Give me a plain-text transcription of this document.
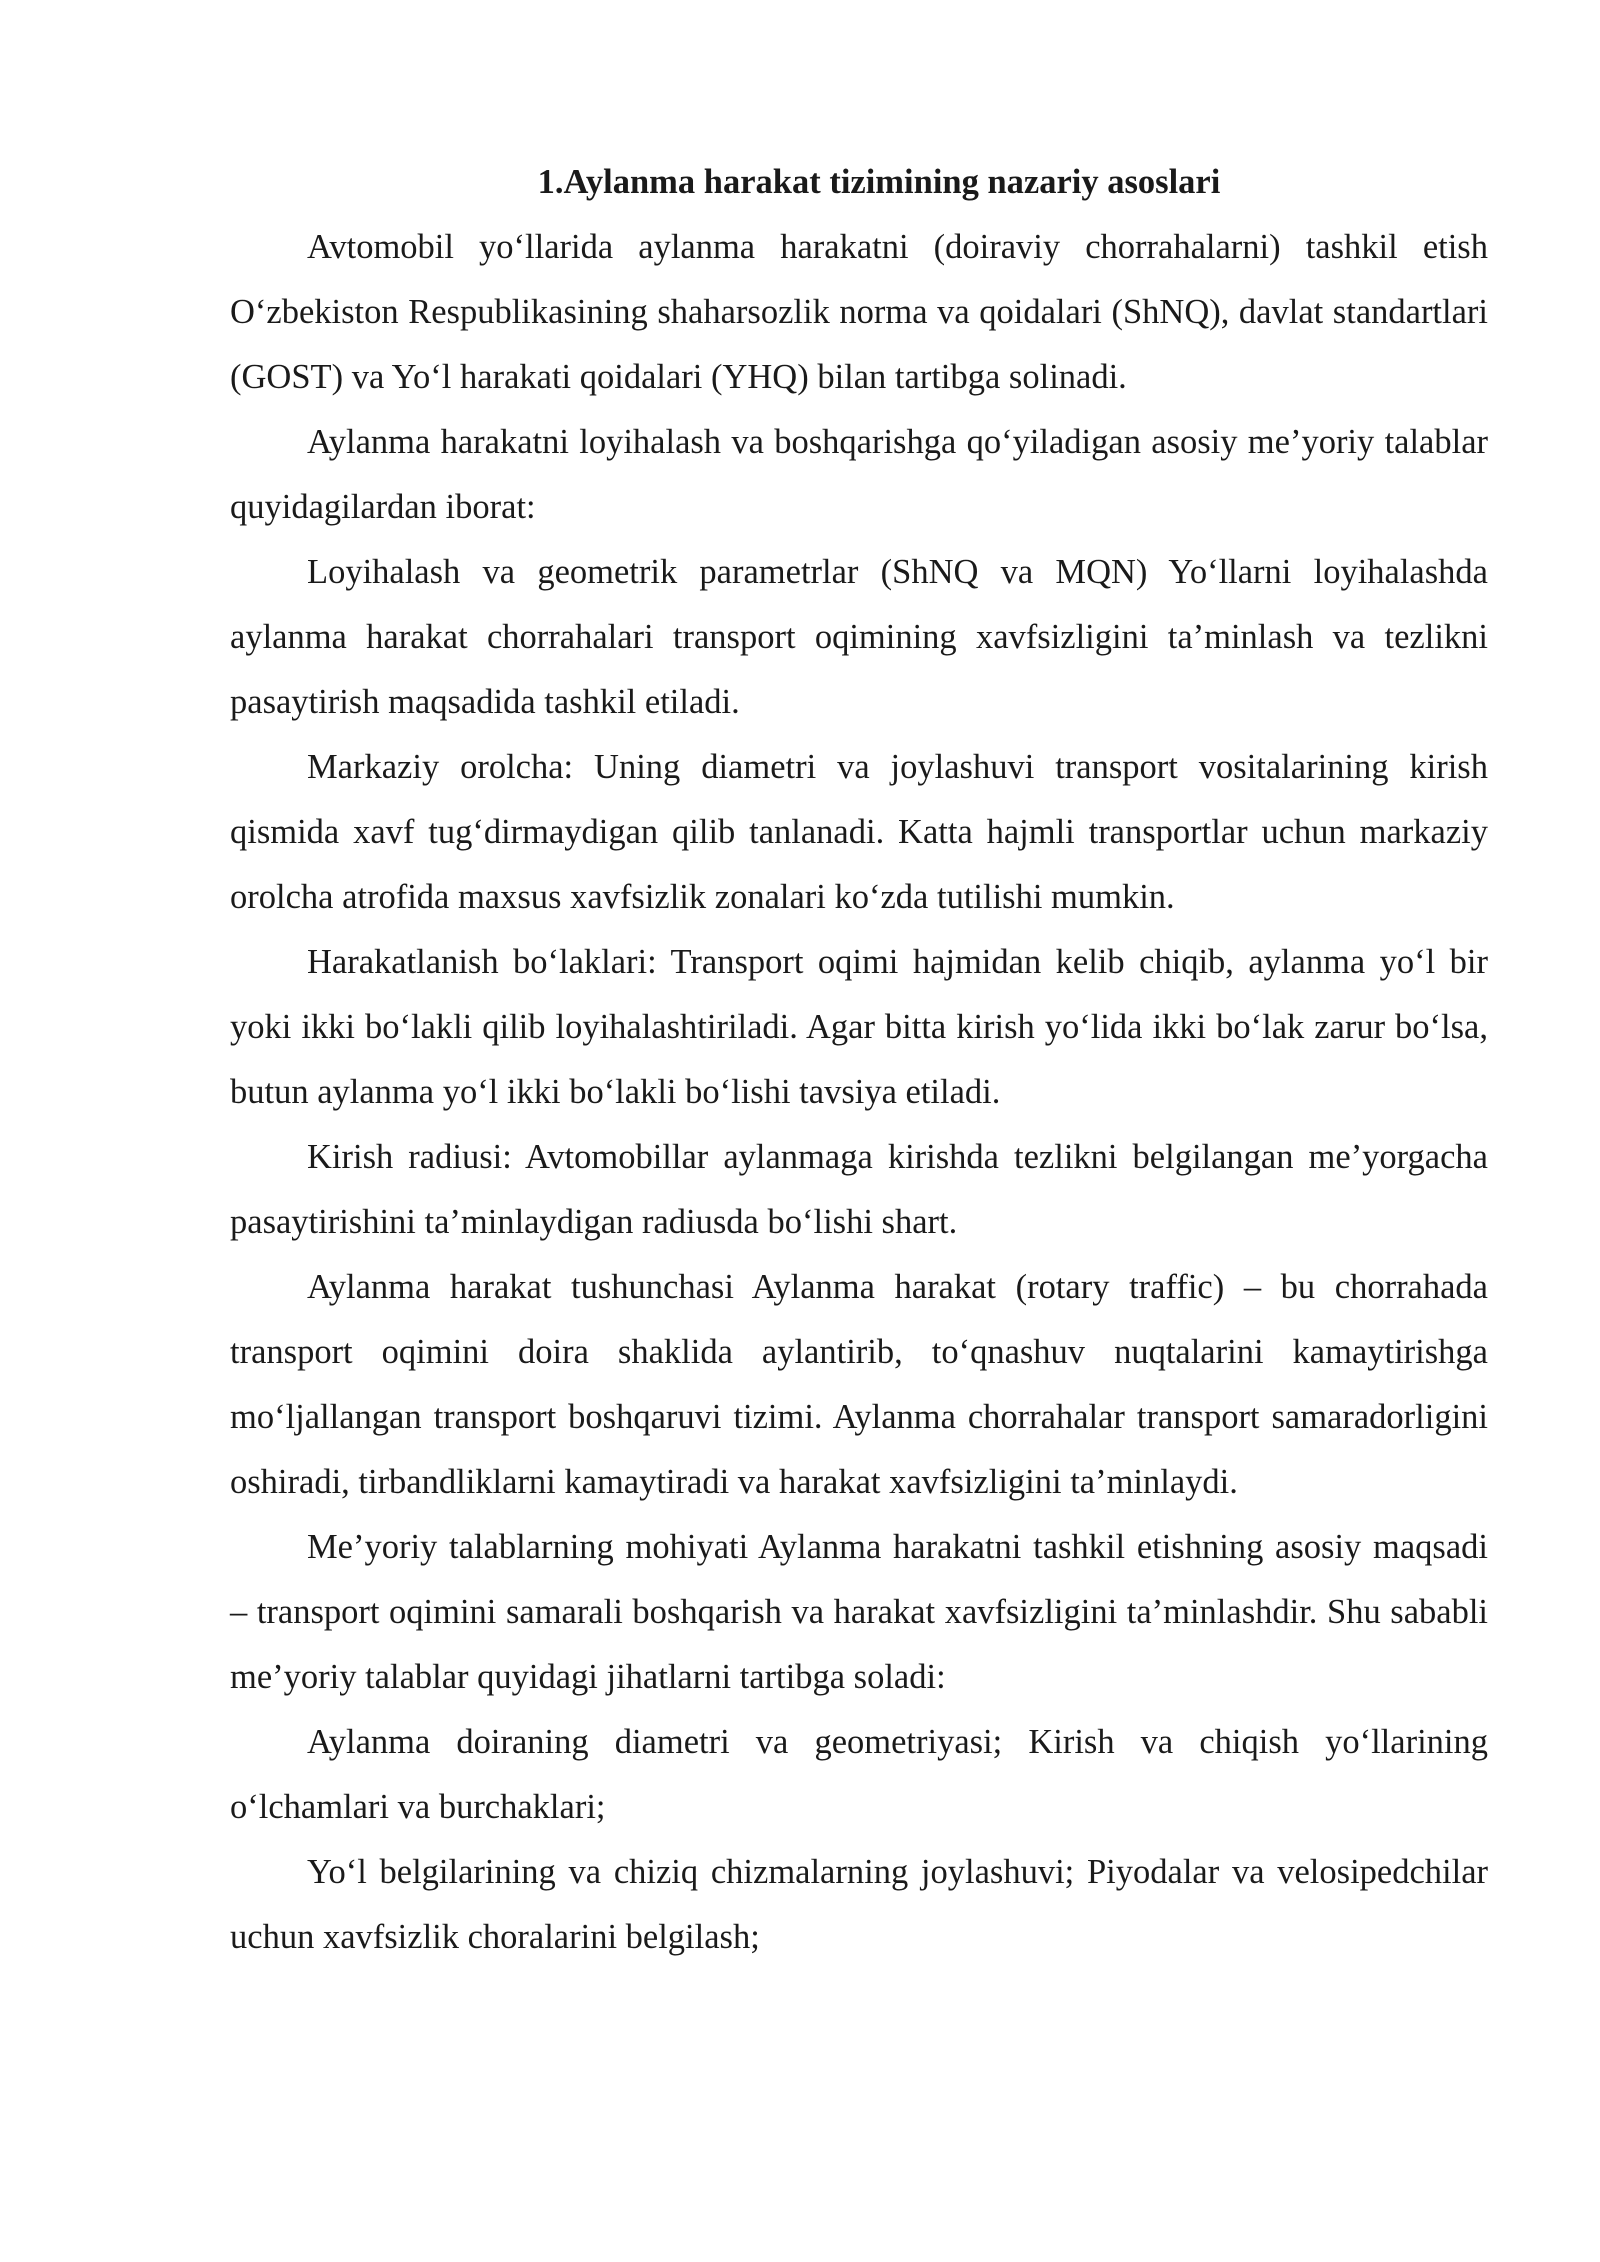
1.Aylanma harakat tizimining nazariy asoslari

Avtomobil yo‘llarida aylanma harakatni (doiraviy chorrahalarni) tashkil etish O‘zbekiston Respublikasining shaharsozlik norma va qoidalari (ShNQ), davlat standartlari (GOST) va Yo‘l harakati qoidalari (YHQ) bilan tartibga solinadi.

Aylanma harakatni loyihalash va boshqarishga qo‘yiladigan asosiy me’yoriy talablar quyidagilardan iborat:

Loyihalash va geometrik parametrlar (ShNQ va MQN) Yo‘llarni loyihalashda aylanma harakat chorrahalari transport oqimining xavfsizligini ta’minlash va tezlikni pasaytirish maqsadida tashkil etiladi.

Markaziy orolcha: Uning diametri va joylashuvi transport vositalarining kirish qismida xavf tug‘dirmaydigan qilib tanlanadi. Katta hajmli transportlar uchun markaziy orolcha atrofida maxsus xavfsizlik zonalari ko‘zda tutilishi mumkin.

Harakatlanish bo‘laklari: Transport oqimi hajmidan kelib chiqib, aylanma yo‘l bir yoki ikki bo‘lakli qilib loyihalashtiriladi. Agar bitta kirish yo‘lida ikki bo‘lak zarur bo‘lsa, butun aylanma yo‘l ikki bo‘lakli bo‘lishi tavsiya etiladi.

Kirish radiusi: Avtomobillar aylanmaga kirishda tezlikni belgilangan me’yorgacha pasaytirishini ta’minlaydigan radiusda bo‘lishi shart.

Aylanma harakat tushunchasi Aylanma harakat (rotary traffic) – bu chorrahada transport oqimini doira shaklida aylantirib, to‘qnashuv nuqtalarini kamaytirishga mo‘ljallangan transport boshqaruvi tizimi. Aylanma chorrahalar transport samaradorligini oshiradi, tirbandliklarni kamaytiradi va harakat xavfsizligini ta’minlaydi.

Me’yoriy talablarning mohiyati Aylanma harakatni tashkil etishning asosiy maqsadi – transport oqimini samarali boshqarish va harakat xavfsizligini ta’minlashdir. Shu sababli me’yoriy talablar quyidagi jihatlarni tartibga soladi:

Aylanma doiraning diametri va geometriyasi; Kirish va chiqish yo‘llarining o‘lchamlari va burchaklari;

Yo‘l belgilarining va chiziq chizmalarning joylashuvi; Piyodalar va velosipedchilar uchun xavfsizlik choralarini belgilash;
